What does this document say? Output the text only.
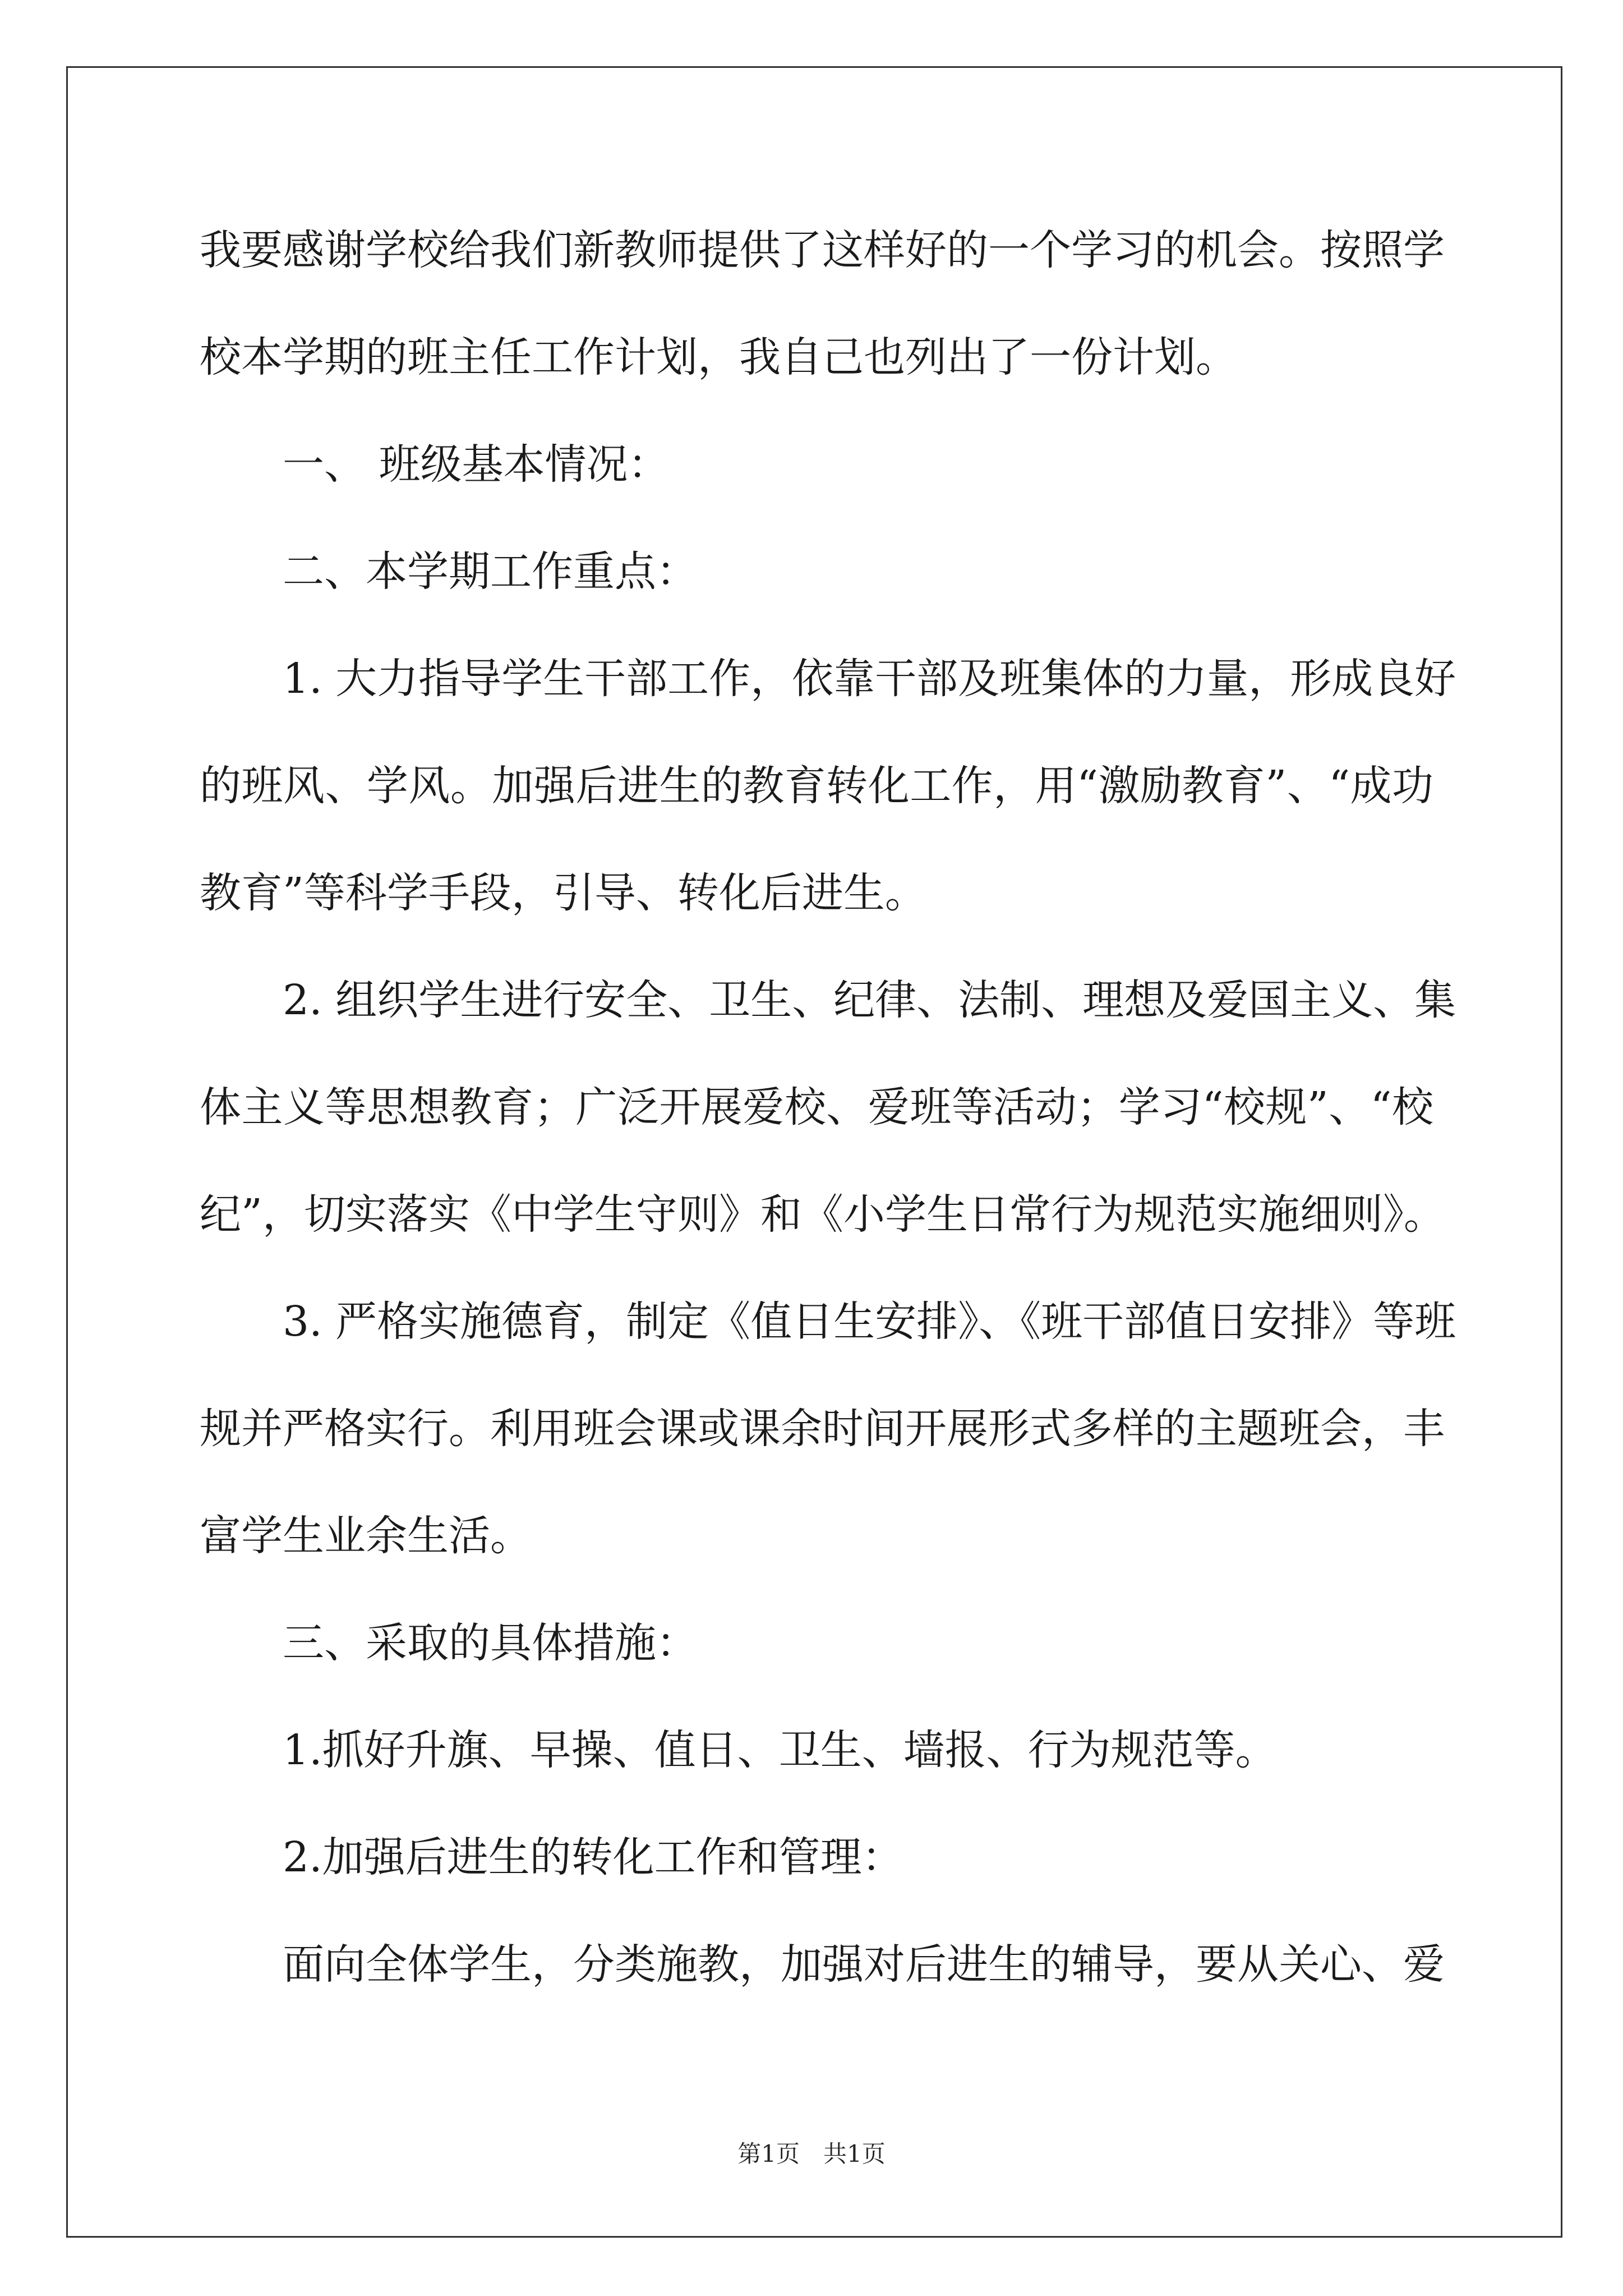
我要感谢学校给我们新教师提供了这样好的一个学习的机会。按照学
校本学期的班主任工作计划，我自己也列出了一份计划。
一、 班级基本情况：
二、本学期工作重点：
1. 大力指导学生干部工作，依靠干部及班集体的力量，形成良好
的班风、学风。加强后进生的教育转化工作，用“激励教育”、“成功
教育”等科学手段，引导、转化后进生。
2. 组织学生进行安全、卫生、纪律、法制、理想及爱国主义、集
体主义等思想教育；广泛开展爱校、爱班等活动；学习“校规”、“校
纪”，切实落实《中学生守则》和《小学生日常行为规范实施细则》。
3. 严格实施德育，制定《值日生安排》、《班干部值日安排》等班
规并严格实行。利用班会课或课余时间开展形式多样的主题班会，丰
富学生业余生活。
三、采取的具体措施：
1.抓好升旗、早操、值日、卫生、墙报、行为规范等。
2.加强后进生的转化工作和管理：
面向全体学生，分类施教，加强对后进生的辅导，要从关心、爱
第1页　共1页
